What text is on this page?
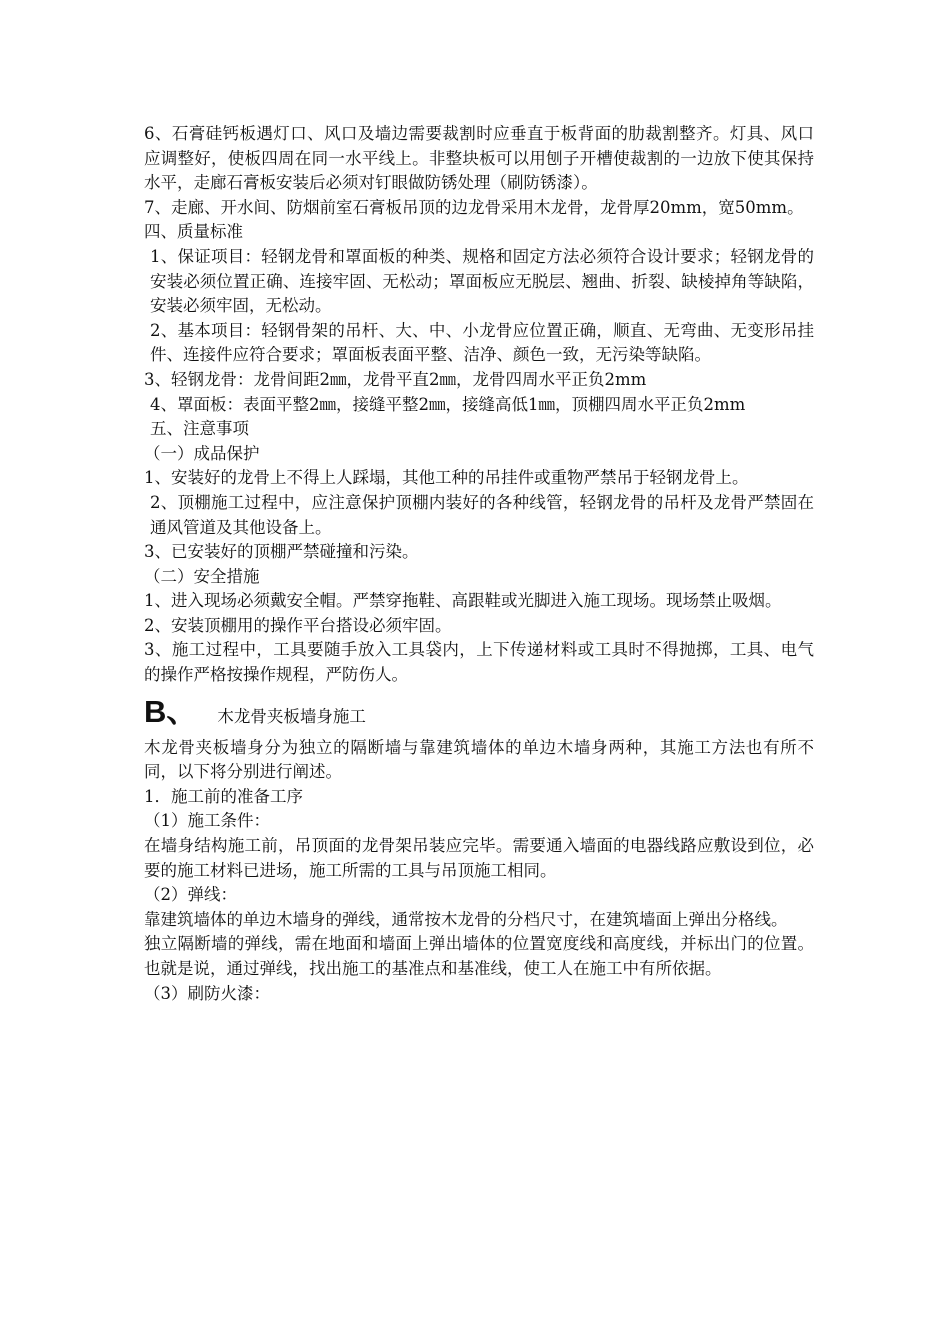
6、石膏硅钙板遇灯口、风口及墙边需要裁割时应垂直于板背面的肋裁割整齐。灯具、风口应调整好，使板四周在同一水平线上。非整块板可以用刨子开槽使裁割的一边放下使其保持水平，走廊石膏板安装后必须对钉眼做防锈处理（刷防锈漆）。

7、走廊、开水间、防烟前室石膏板吊顶的边龙骨采用木龙骨，龙骨厚20mm，宽50mm。

四、质量标准

1、保证项目：轻钢龙骨和罩面板的种类、规格和固定方法必须符合设计要求；轻钢龙骨的安装必须位置正确、连接牢固、无松动；罩面板应无脱层、翘曲、折裂、缺棱掉角等缺陷，安装必须牢固，无松动。

2、基本项目：轻钢骨架的吊杆、大、中、小龙骨应位置正确，顺直、无弯曲、无变形吊挂件、连接件应符合要求；罩面板表面平整、洁净、颜色一致，无污染等缺陷。

3、轻钢龙骨：龙骨间距2㎜，龙骨平直2㎜，龙骨四周水平正负2mm

4、罩面板：表面平整2㎜，接缝平整2㎜，接缝高低1㎜，顶棚四周水平正负2mm

五、注意事项

（一）成品保护

1、安装好的龙骨上不得上人踩塌，其他工种的吊挂件或重物严禁吊于轻钢龙骨上。

2、顶棚施工过程中，应注意保护顶棚内装好的各种线管，轻钢龙骨的吊杆及龙骨严禁固在通风管道及其他设备上。

3、已安装好的顶棚严禁碰撞和污染。

（二）安全措施

1、进入现场必须戴安全帽。严禁穿拖鞋、高跟鞋或光脚进入施工现场。现场禁止吸烟。

2、安装顶棚用的操作平台搭设必须牢固。

3、施工过程中，工具要随手放入工具袋内，上下传递材料或工具时不得抛掷，工具、电气的操作严格按操作规程，严防伤人。

B、 木龙骨夹板墙身施工

木龙骨夹板墙身分为独立的隔断墙与靠建筑墙体的单边木墙身两种，其施工方法也有所不同，以下将分别进行阐述。

1．施工前的准备工序

（1）施工条件：

在墙身结构施工前，吊顶面的龙骨架吊装应完毕。需要通入墙面的电器线路应敷设到位，必要的施工材料已进场，施工所需的工具与吊顶施工相同。

（2）弹线：

靠建筑墙体的单边木墙身的弹线，通常按木龙骨的分档尺寸，在建筑墙面上弹出分格线。

独立隔断墙的弹线，需在地面和墙面上弹出墙体的位置宽度线和高度线，并标出门的位置。也就是说，通过弹线，找出施工的基准点和基准线，使工人在施工中有所依据。

（3）刷防火漆：
